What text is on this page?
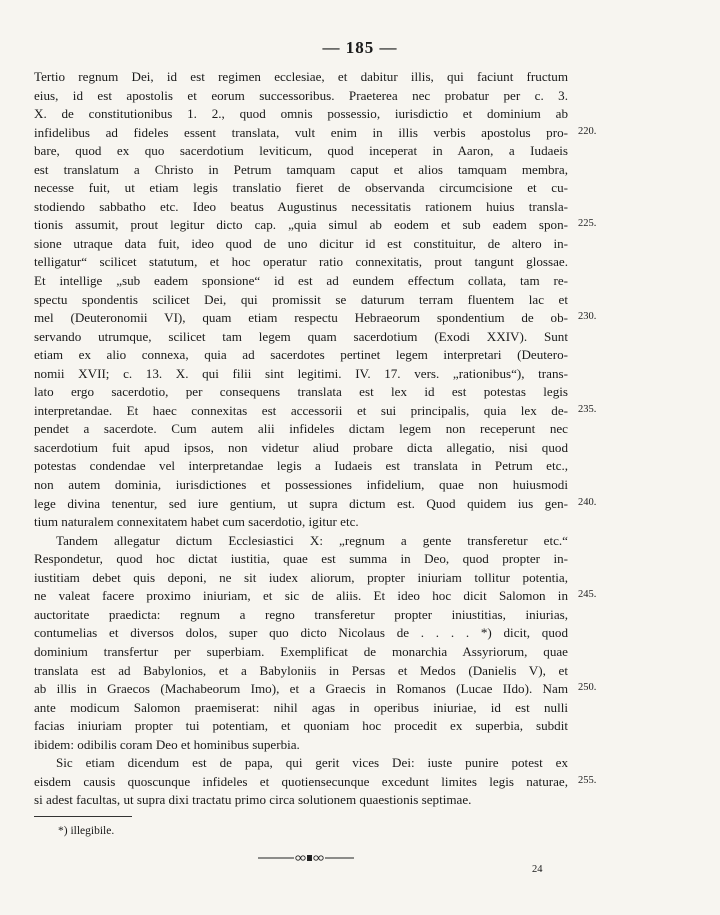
— 185 —
Tertio regnum Dei, id est regimen ecclesiae, et dabitur illis, qui faciunt fructum
eius, id est apostolis et eorum successoribus. Praeterea nec probatur per c. 3.
X. de constitutionibus 1. 2., quod omnis possessio, iurisdictio et dominium ab
infidelibus ad fideles essent translata, vult enim in illis verbis apostolus pro-
bare, quod ex quo sacerdotium leviticum, quod inceperat in Aaron, a Iudaeis
est translatum a Christo in Petrum tamquam caput et alios tamquam membra,
necesse fuit, ut etiam legis translatio fieret de observanda circumcisione et cu-
stodiendo sabbatho etc. Ideo beatus Augustinus necessitatis rationem huius transla-
tionis assumit, prout legitur dicto cap. „quia simul ab eodem et sub eadem spon-
sione utraque data fuit, ideo quod de uno dicitur id est constituitur, de altero in-
telligatur“ scilicet statutum, et hoc operatur ratio connexitatis, prout tangunt glossae.
Et intellige „sub eadem sponsione“ id est ad eundem effectum collata, tam re-
spectu spondentis scilicet Dei, qui promissit se daturum terram fluentem lac et
mel (Deuteronomii VI), quam etiam respectu Hebraeorum spondentium de ob-
servando utrumque, scilicet tam legem quam sacerdotium (Exodi XXIV). Sunt
etiam ex alio connexa, quia ad sacerdotes pertinet legem interpretari (Deutero-
nomii XVII; c. 13. X. qui filii sint legitimi. IV. 17. vers. „rationibus“), trans-
lato ergo sacerdotio, per consequens translata est lex id est potestas legis
interpretandae. Et haec connexitas est accessorii et sui principalis, quia lex de-
pendet a sacerdote. Cum autem alii infideles dictam legem non receperunt nec
sacerdotium fuit apud ipsos, non videtur aliud probare dicta allegatio, nisi quod
potestas condendae vel interpretandae legis a Iudaeis est translata in Petrum etc.,
non autem dominia, iurisdictiones et possessiones infidelium, quae non huiusmodi
lege divina tenentur, sed iure gentium, ut supra dictum est. Quod quidem ius gen-
tium naturalem connexitatem habet cum sacerdotio, igitur etc.
Tandem allegatur dictum Ecclesiastici X: „regnum a gente transferetur etc.“
Respondetur, quod hoc dictat iustitia, quae est summa in Deo, quod propter in-
iustitiam debet quis deponi, ne sit iudex aliorum, propter iniuriam tollitur potentia,
ne valeat facere proximo iniuriam, et sic de aliis. Et ideo hoc dicit Salomon in
auctoritate praedicta: regnum a regno transferetur propter iniustitias, iniurias,
contumelias et diversos dolos, super quo dicto Nicolaus de . . . . *) dicit, quod
dominium transfertur per superbiam. Exemplificat de monarchia Assyriorum, quae
translata est ad Babylonios, et a Babyloniis in Persas et Medos (Danielis V), et
ab illis in Graecos (Machabeorum Imo), et a Graecis in Romanos (Lucae IIdo). Nam
ante modicum Salomon praemiserat: nihil agas in operibus iniuriae, id est nulli
facias iniuriam propter tui potentiam, et quoniam hoc procedit ex superbia, subdit
ibidem: odibilis coram Deo et hominibus superbia.
Sic etiam dicendum est de papa, qui gerit vices Dei: iuste punire potest ex
eisdem causis quoscunque infideles et quotiensecunque excedunt limites legis naturae,
si adest facultas, ut supra dixi tractatu primo circa solutionem quaestionis septimae.
220.
225.
230.
235.
240.
245.
250.
255.
*) illegibile.
24
